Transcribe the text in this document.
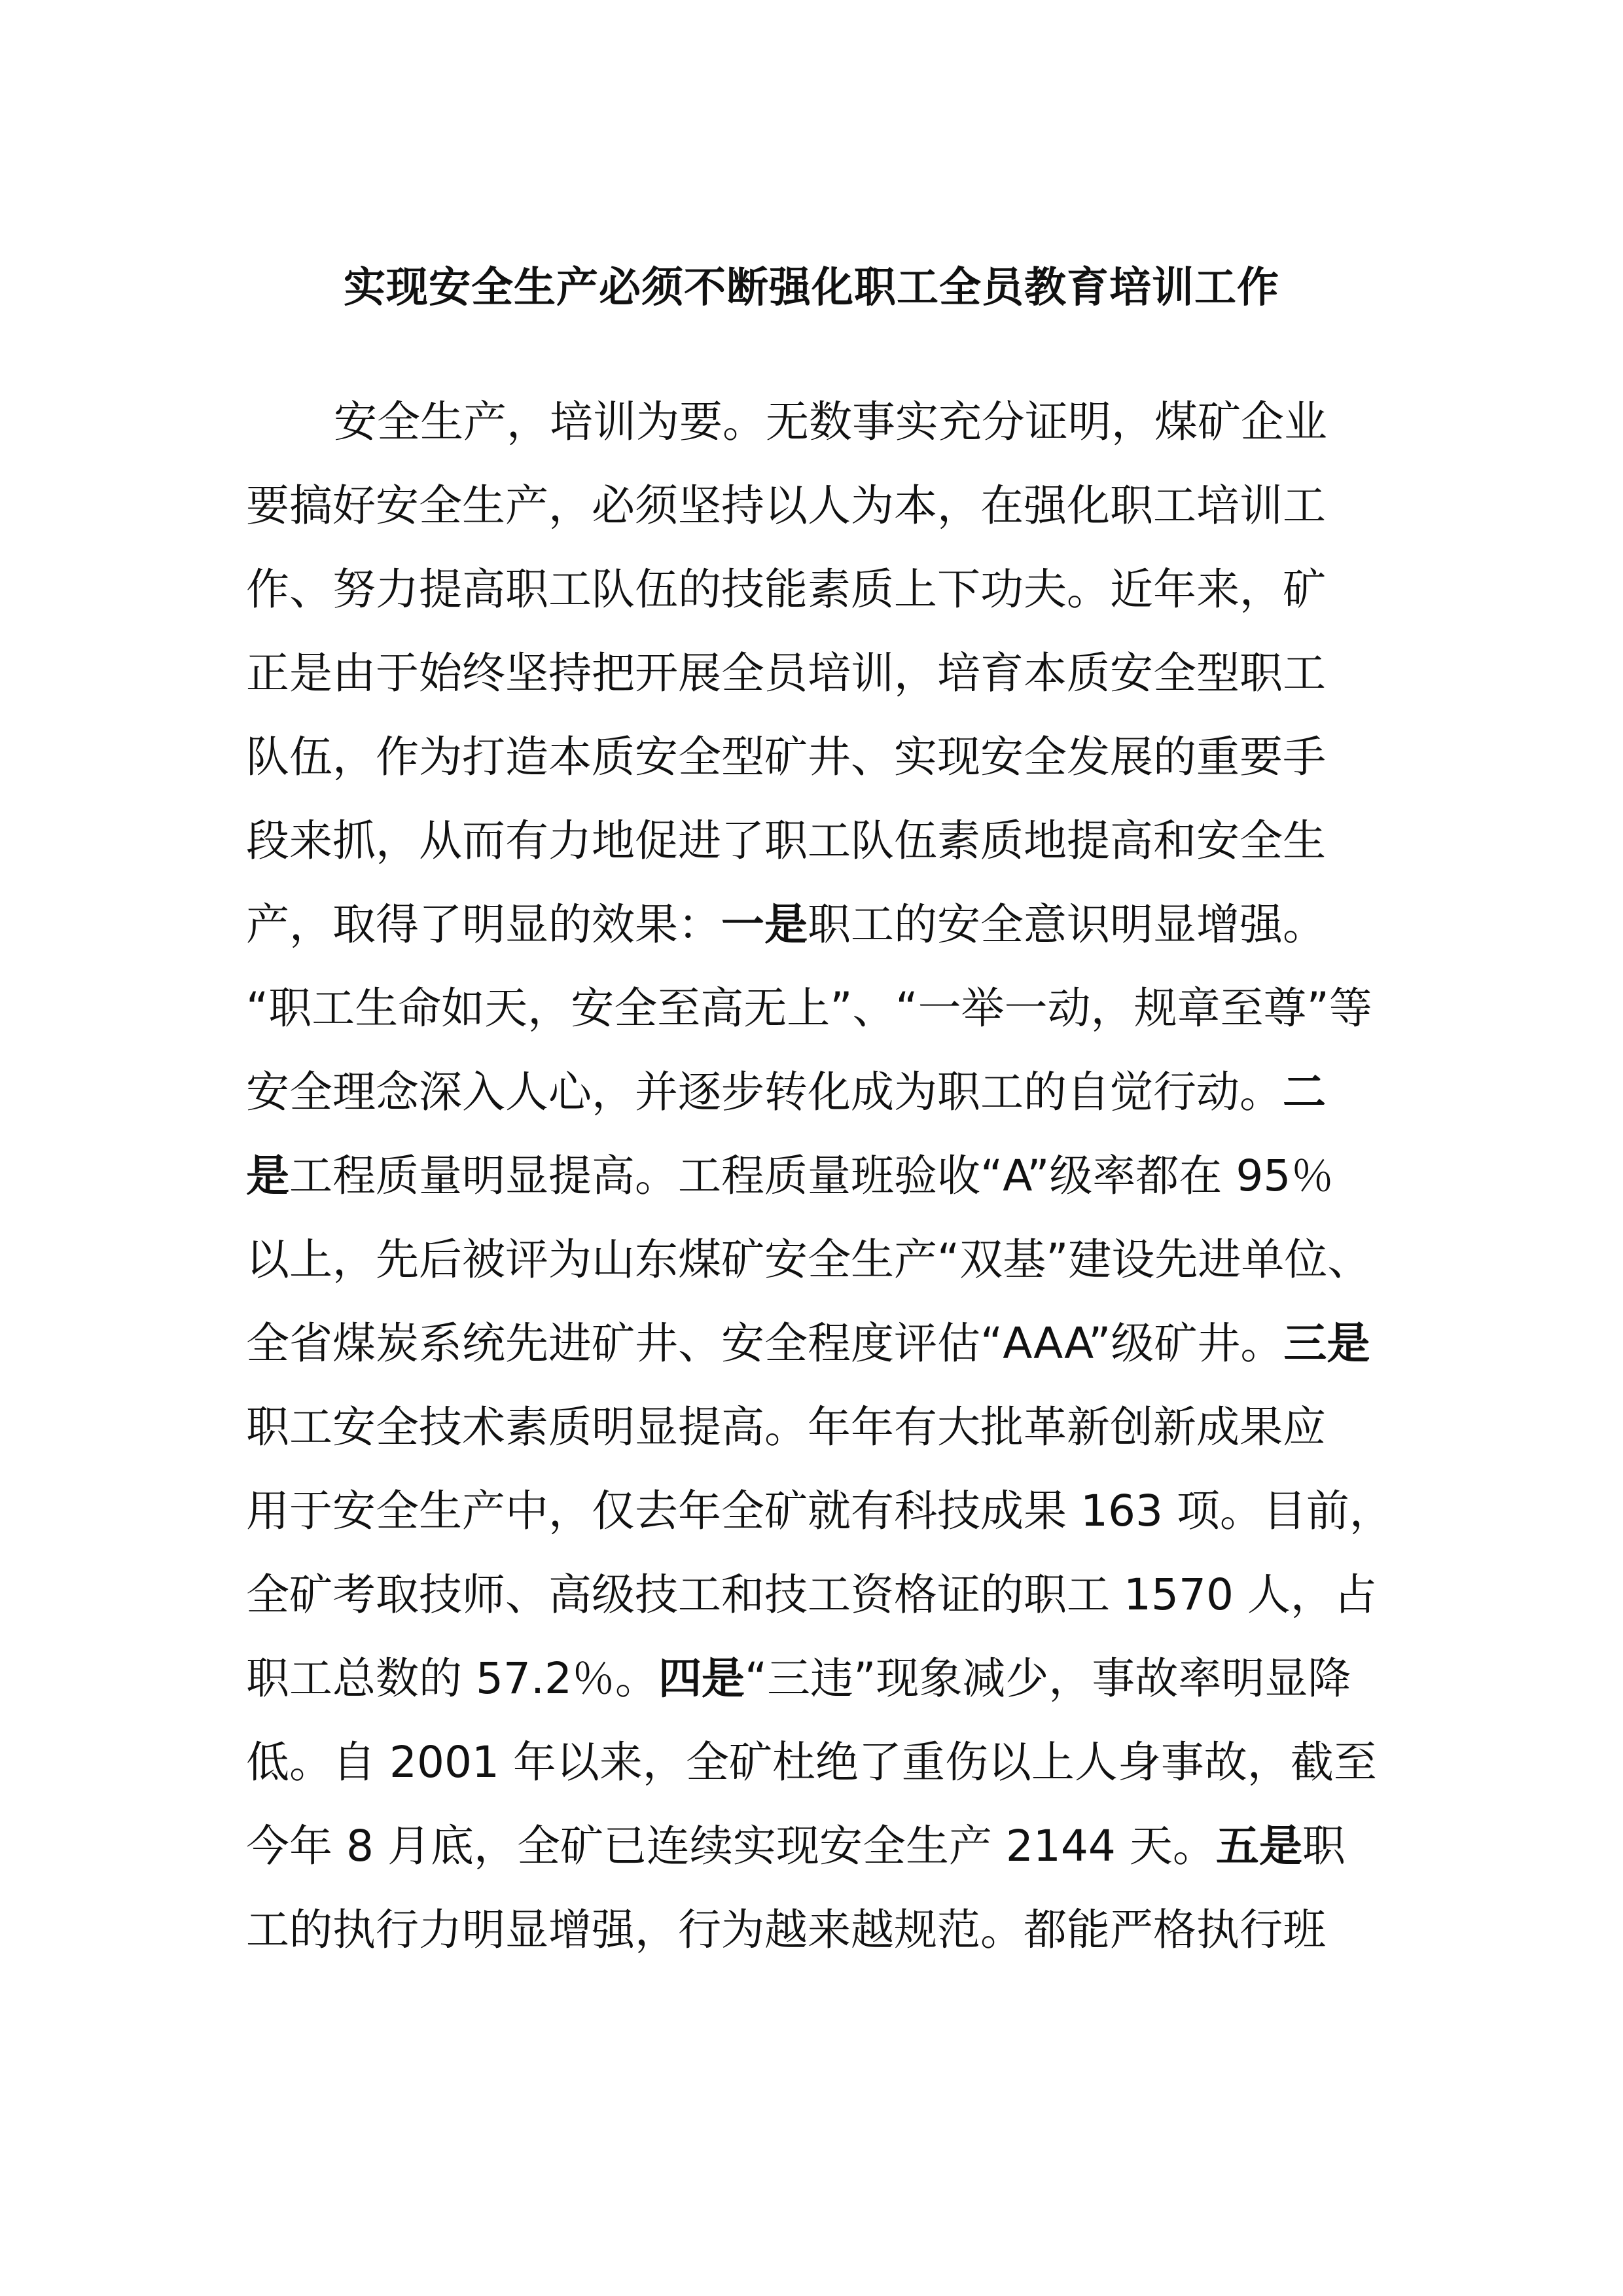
实现安全生产必须不断强化职工全员教育培训工作
安全生产，培训为要。无数事实充分证明，煤矿企业
要搞好安全生产，必须坚持以人为本，在强化职工培训工
作、努力提高职工队伍的技能素质上下功夫。近年来，矿
正是由于始终坚持把开展全员培训，培育本质安全型职工
队伍，作为打造本质安全型矿井、实现安全发展的重要手
段来抓，从而有力地促进了职工队伍素质地提高和安全生
产，取得了明显的效果：一是职工的安全意识明显增强。
“职工生命如天，安全至高无上”、“一举一动，规章至尊”等
安全理念深入人心，并逐步转化成为职工的自觉行动。二
是工程质量明显提高。工程质量班验收“A”级率都在 95％
以上，先后被评为山东煤矿安全生产“双基”建设先进单位、
全省煤炭系统先进矿井、安全程度评估“AAA”级矿井。三是
职工安全技术素质明显提高。年年有大批革新创新成果应
用于安全生产中，仅去年全矿就有科技成果 163 项。目前，
全矿考取技师、高级技工和技工资格证的职工 1570 人，占
职工总数的 57.2％。四是“三违”现象减少，事故率明显降
低。自 2001 年以来，全矿杜绝了重伤以上人身事故，截至
今年 8 月底，全矿已连续实现安全生产 2144 天。五是职
工的执行力明显增强，行为越来越规范。都能严格执行班
